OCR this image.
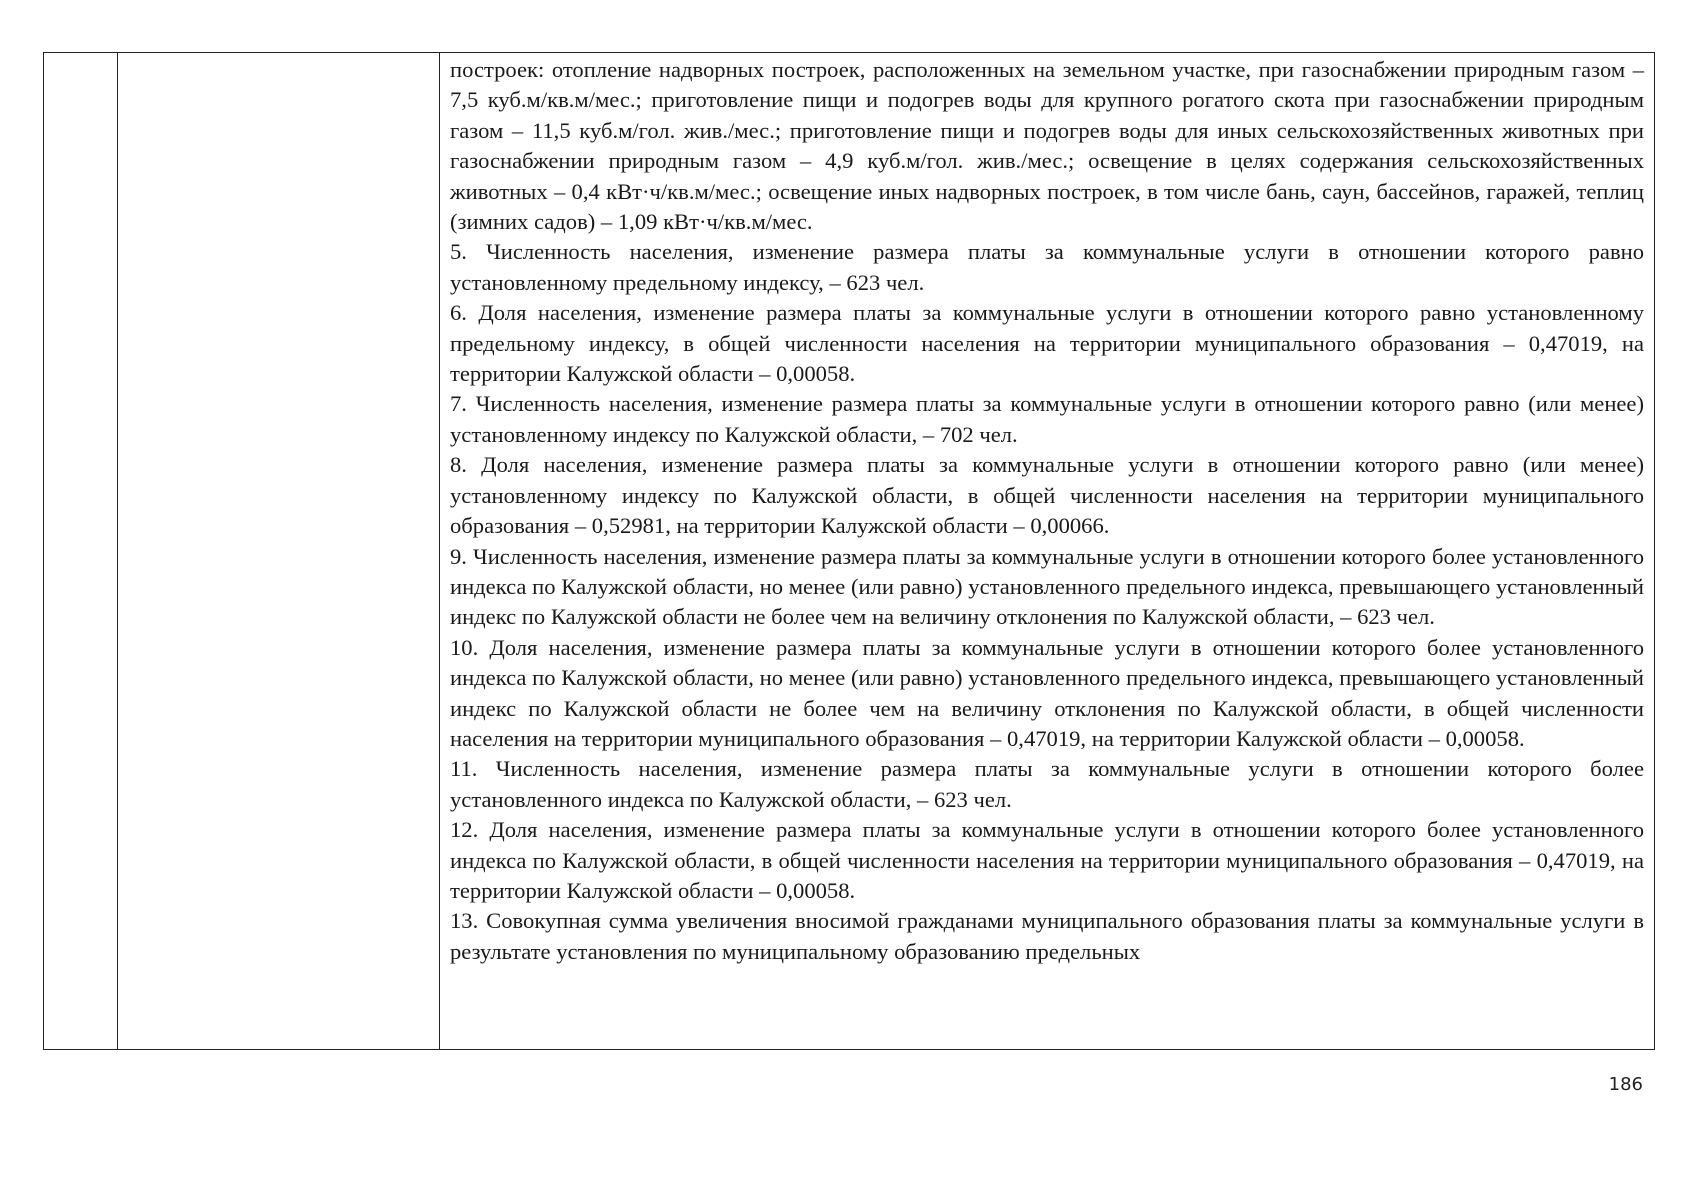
построек: отопление надворных построек, расположенных на земельном участке, при газоснабжении природным газом – 7,5 куб.м/кв.м/мес.; приготовление пищи и подогрев воды для крупного рогатого скота при газоснабжении природным газом – 11,5 куб.м/гол. жив./мес.; приготовление пищи и подогрев воды для иных сельскохозяйственных животных при газоснабжении природным газом – 4,9 куб.м/гол. жив./мес.; освещение в целях содержания сельскохозяйственных животных – 0,4 кВт·ч/кв.м/мес.; освещение иных надворных построек, в том числе бань, саун, бассейнов, гаражей, теплиц (зимних садов) – 1,09 кВт·ч/кв.м/мес.

5. Численность населения, изменение размера платы за коммунальные услуги в отношении которого равно установленному предельному индексу, – 623 чел.

6. Доля населения, изменение размера платы за коммунальные услуги в отношении которого равно установленному предельному индексу, в общей численности населения на территории муниципального образования – 0,47019, на территории Калужской области – 0,00058.

7. Численность населения, изменение размера платы за коммунальные услуги в отношении которого равно (или менее) установленному индексу по Калужской области, – 702 чел.

8. Доля населения, изменение размера платы за коммунальные услуги в отношении которого равно (или менее) установленному индексу по Калужской области, в общей численности населения на территории муниципального образования – 0,52981, на территории Калужской области – 0,00066.

9. Численность населения, изменение размера платы за коммунальные услуги в отношении которого более установленного индекса по Калужской области, но менее (или равно) установленного предельного индекса, превышающего установленный индекс по Калужской области не более чем на величину отклонения по Калужской области, – 623 чел.

10. Доля населения, изменение размера платы за коммунальные услуги в отношении которого более установленного индекса по Калужской области, но менее (или равно) установленного предельного индекса, превышающего установленный индекс по Калужской области не более чем на величину отклонения по Калужской области, в общей численности населения на территории муниципального образования – 0,47019, на территории Калужской области – 0,00058.

11. Численность населения, изменение размера платы за коммунальные услуги в отношении которого более установленного индекса по Калужской области, – 623 чел.

12. Доля населения, изменение размера платы за коммунальные услуги в отношении которого более установленного индекса по Калужской области, в общей численности населения на территории муниципального образования – 0,47019, на территории Калужской области – 0,00058.

13. Совокупная сумма увеличения вносимой гражданами муниципального образования платы за коммунальные услуги в результате установления по муниципальному образованию предельных

186
